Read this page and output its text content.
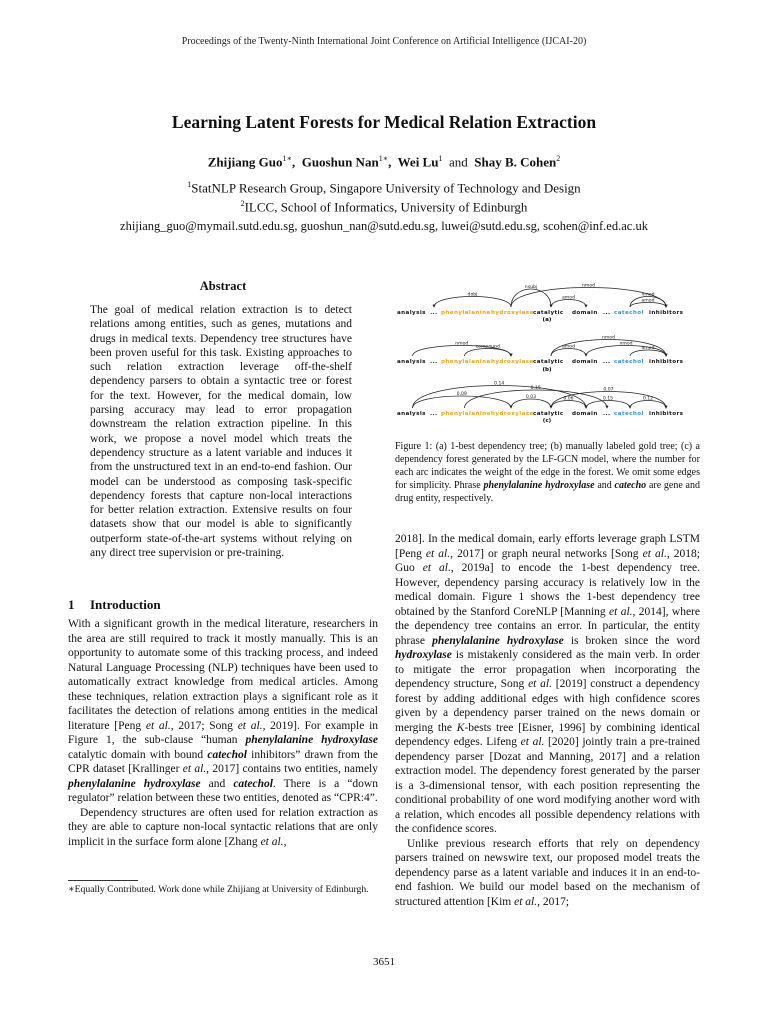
Proceedings of the Twenty-Ninth International Joint Conference on Artificial Intelligence (IJCAI-20)
Learning Latent Forests for Medical Relation Extraction
Zhijiang Guo$^{1∗}$,  Guoshun Nan$^{1∗}$,  Wei Lu$^1$ and Shay B. Cohen$^2$
$^1$StatNLP Research Group, Singapore University of Technology and Design
$^2$ILCC, School of Informatics, University of Edinburgh
zhijiang_guo@mymail.sutd.edu.sg, guoshun_nan@sutd.edu.sg, luwei@sutd.edu.sg, scohen@inf.ed.ac.uk
Abstract
The goal of medical relation extraction is to detect relations among entities, such as genes, mutations and drugs in medical texts. Dependency tree structures have been proven useful for this task. Existing approaches to such relation extraction leverage off-the-shelf dependency parsers to obtain a syntactic tree or forest for the text. However, for the medical domain, low parsing accuracy may lead to error propagation downstream the relation extraction pipeline. In this work, we propose a novel model which treats the dependency structure as a latent variable and induces it from the unstructured text in an end-to-end fashion. Our model can be understood as composing task-specific dependency forests that capture non-local interactions for better relation extraction. Extensive results on four datasets show that our model is able to significantly outperform state-of-the-art systems without relying on any direct tree supervision or pre-training.
1 Introduction

With a significant growth in the medical literature, researchers in the area are still required to track it mostly manually. This is an opportunity to automate some of this tracking process, and indeed Natural Language Processing (NLP) techniques have been used to automatically extract knowledge from medical articles. Among these techniques, relation extraction plays a significant role as it facilitates the detection of relations among entities in the medical literature [Peng et al., 2017; Song et al., 2019]. For example in Figure 1, the sub-clause “human phenylalanine hydroxylase catalytic domain with bound catechol inhibitors” drawn from the CPR dataset [Krallinger et al., 2017] contains two entities, namely phenylalanine hydroxylase and catechol. There is a “down regulator” relation between these two entities, denoted as “CPR:4”.

Dependency structures are often used for relation extraction as they are able to capture non-local syntactic relations that are only implicit in the surface form alone [Zhang et al.,

∗Equally Contributed. Work done while Zhijiang at University of Edinburgh.
analysis ... phenylalanine hydroxylase catalytic domain ... catechol inhibitors
(a)
analysis ... phenylalanine hydroxylase catalytic domain ... catechol inhibitors
(b)
analysis ... phenylalanine hydroxylase catalytic domain ... catechol inhibitors
(c)
nsubj
dobj
nmod
amod
nmod
amod
nmod
compound
nmod
amod	amod
nmod
0.14
0.15
0.09
0.03	0.06	0.15
0.07
0.12
Figure 1: (a) 1-best dependency tree; (b) manually labeled gold tree; (c) a dependency forest generated by the LF-GCN model, where the number for each arc indicates the weight of the edge in the forest. We omit some edges for simplicity. Phrase phenylalanine hydroxylase and catecho are gene and drug entity, respectively.

2018]. In the medical domain, early efforts leverage graph LSTM [Peng et al., 2017] or graph neural networks [Song et al., 2018; Guo et al., 2019a] to encode the 1-best dependency tree. However, dependency parsing accuracy is relatively low in the medical domain. Figure 1 shows the 1-best dependency tree obtained by the Stanford CoreNLP [Manning et al., 2014], where the dependency tree contains an error. In particular, the entity phrase phenylalanine hydroxylase is broken since the word hydroxylase is mistakenly considered as the main verb. In order to mitigate the error propagation when incorporating the dependency structure, Song et al. [2019] construct a dependency forest by adding additional edges with high confidence scores given by a dependency parser trained on the news domain or merging the K-bests tree [Eisner, 1996] by combining identical dependency edges. Lifeng et al. [2020] jointly train a pre-trained dependency parser [Dozat and Manning, 2017] and a relation extraction model. The dependency forest generated by the parser is a 3-dimensional tensor, with each position representing the conditional probability of one word modifying another word with a relation, which encodes all possible dependency relations with the confidence scores.

Unlike previous research efforts that rely on dependency parsers trained on newswire text, our proposed model treats the dependency parse as a latent variable and induces it in an end-to-end fashion. We build our model based on the mechanism of structured attention [Kim et al., 2017;

3651
